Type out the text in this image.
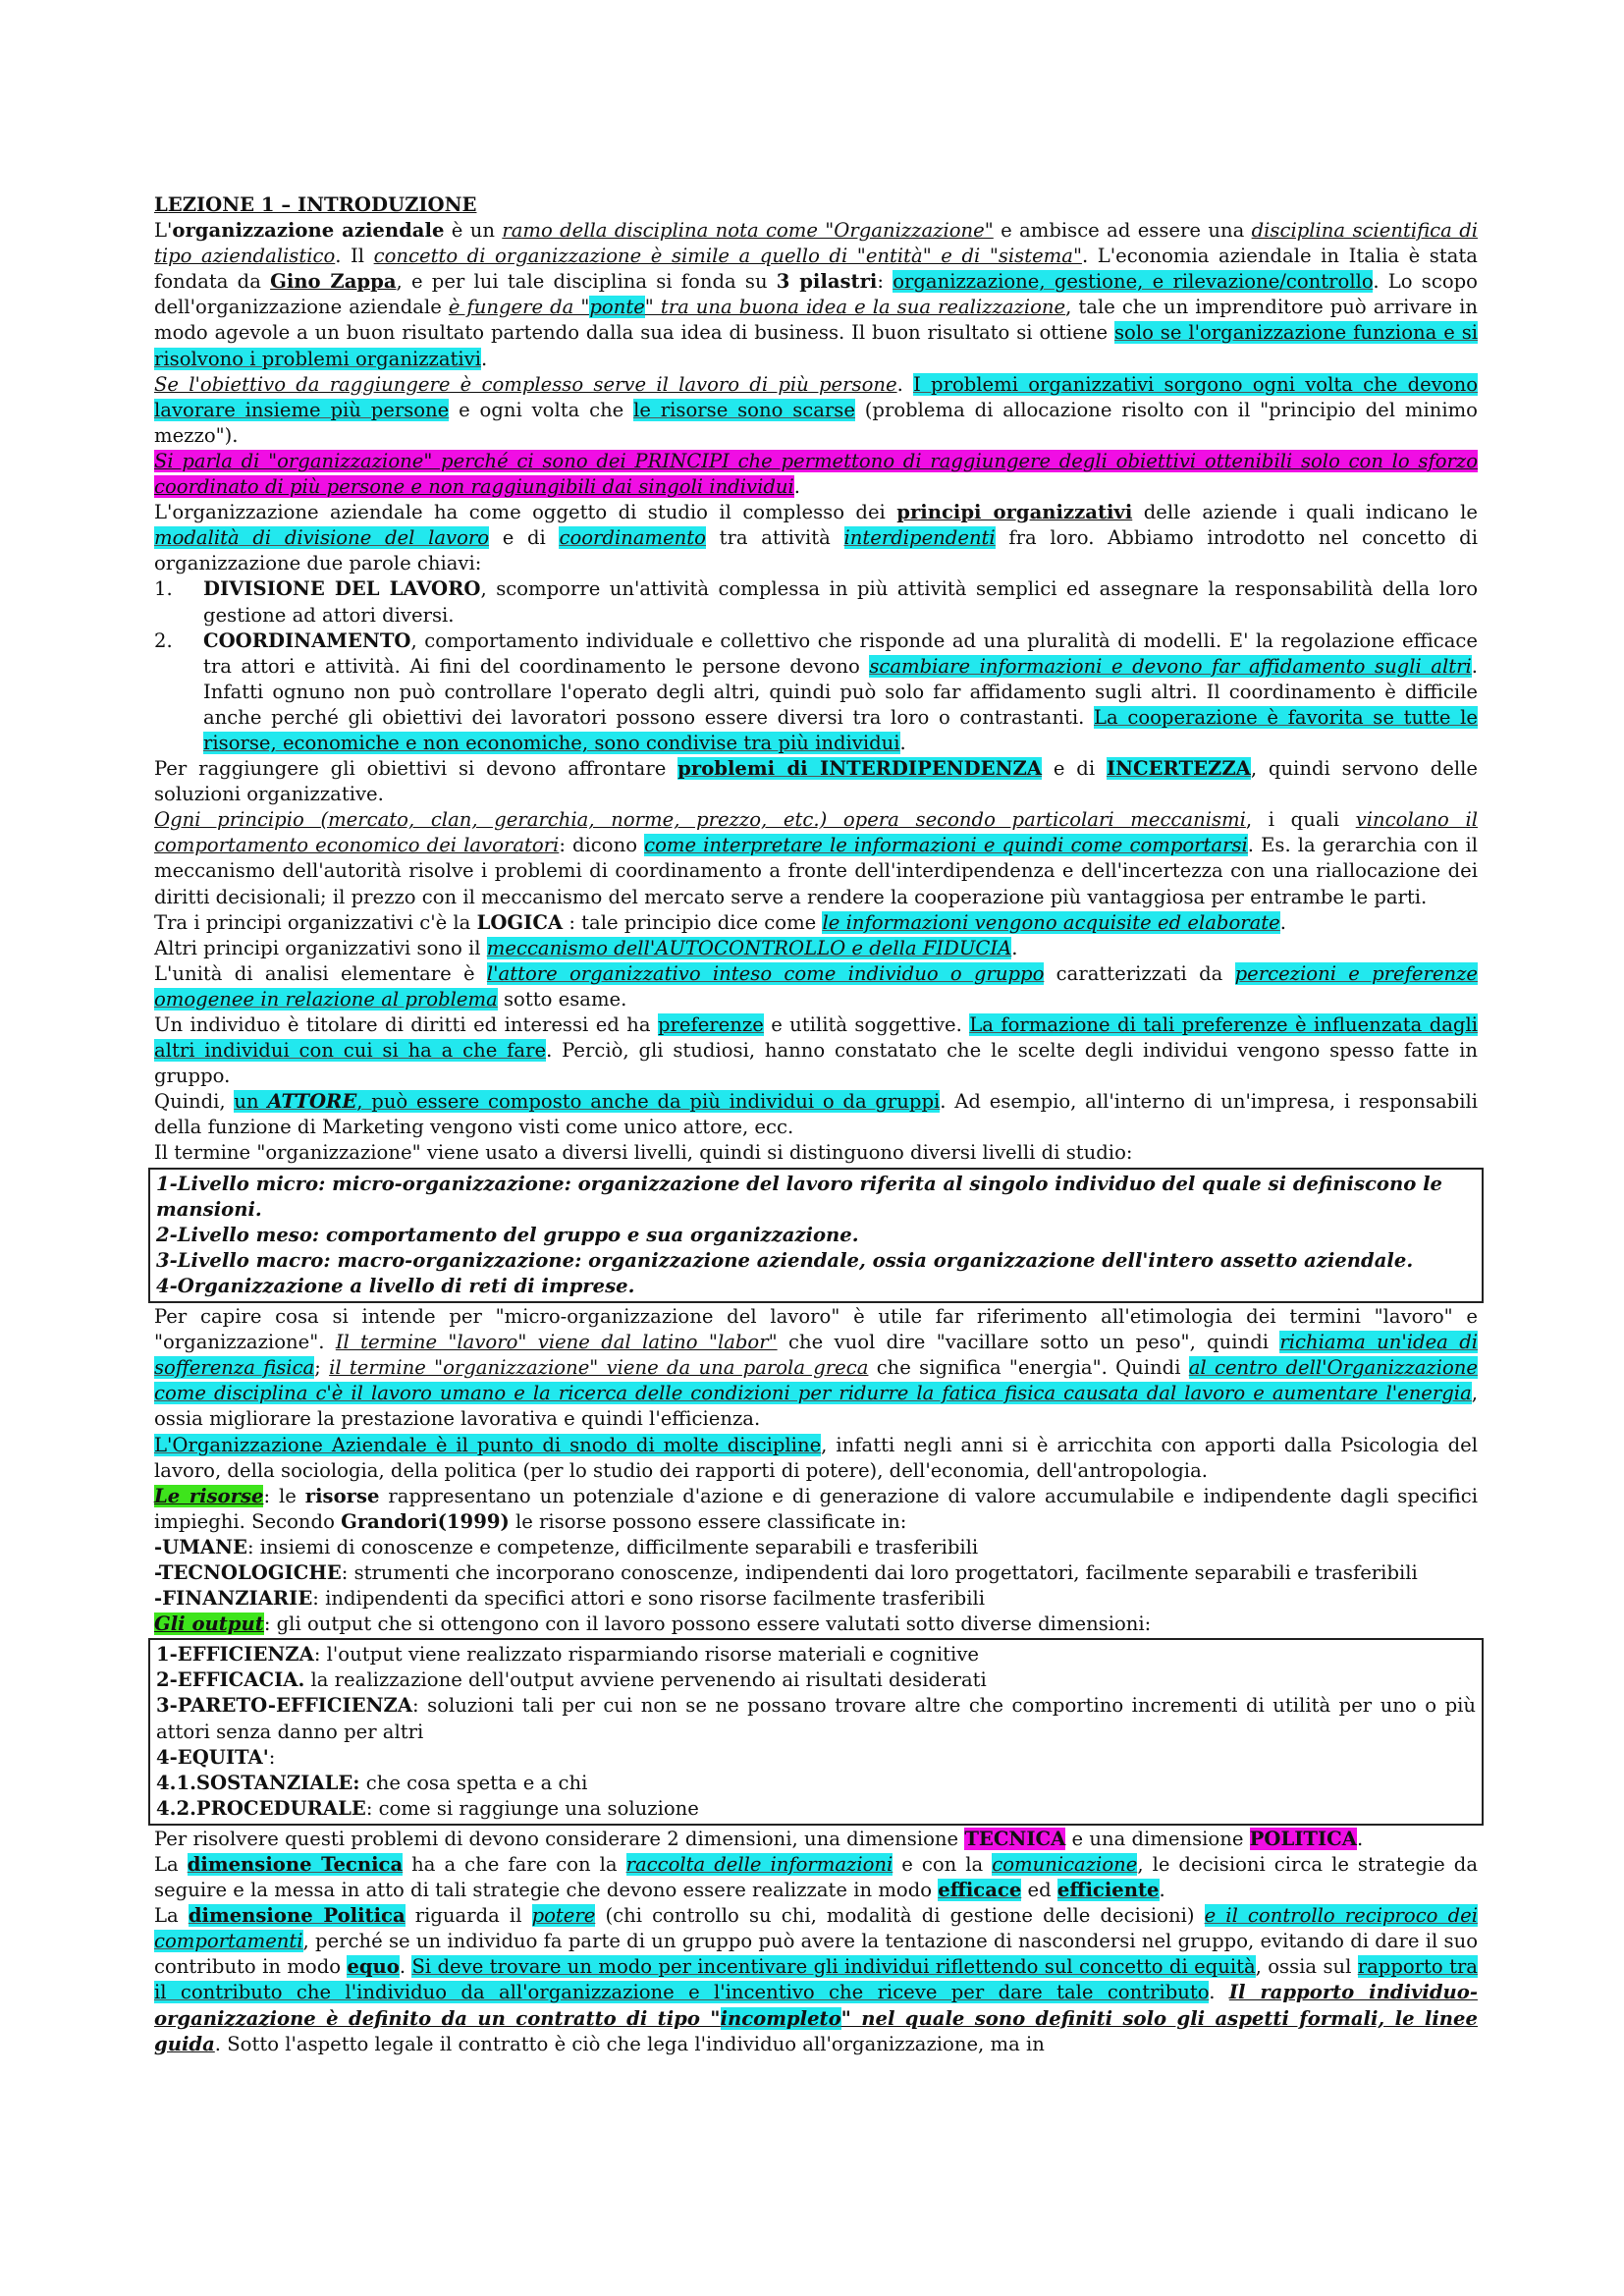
LEZIONE 1 – INTRODUZIONE

L'organizzazione aziendale è un ramo della disciplina nota come "Organizzazione" e ambisce ad essere una disciplina scientifica di tipo aziendalistico. Il concetto di organizzazione è simile a quello di "entità" e di "sistema". L'economia aziendale in Italia è stata fondata da Gino Zappa, e per lui tale disciplina si fonda su 3 pilastri: organizzazione, gestione, e rilevazione/controllo. Lo scopo dell'organizzazione aziendale è fungere da "ponte" tra una buona idea e la sua realizzazione, tale che un imprenditore può arrivare in modo agevole a un buon risultato partendo dalla sua idea di business. Il buon risultato si ottiene solo se l'organizzazione funziona e si risolvono i problemi organizzativi.

Se l'obiettivo da raggiungere è complesso serve il lavoro di più persone. I problemi organizzativi sorgono ogni volta che devono lavorare insieme più persone e ogni volta che le risorse sono scarse (problema di allocazione risolto con il "principio del minimo mezzo").

Si parla di "organizzazione" perché ci sono dei PRINCIPI che permettono di raggiungere degli obiettivi ottenibili solo con lo sforzo coordinato di più persone e non raggiungibili dai singoli individui.

L'organizzazione aziendale ha come oggetto di studio il complesso dei principi organizzativi delle aziende i quali indicano le modalità di divisione del lavoro e di coordinamento tra attività interdipendenti fra loro. Abbiamo introdotto nel concetto di organizzazione due parole chiavi:

1. DIVISIONE DEL LAVORO, scomporre un'attività complessa in più attività semplici ed assegnare la responsabilità della loro gestione ad attori diversi.

2. COORDINAMENTO, comportamento individuale e collettivo che risponde ad una pluralità di modelli. E' la regolazione efficace tra attori e attività. Ai fini del coordinamento le persone devono scambiare informazioni e devono far affidamento sugli altri. Infatti ognuno non può controllare l'operato degli altri, quindi può solo far affidamento sugli altri. Il coordinamento è difficile anche perché gli obiettivi dei lavoratori possono essere diversi tra loro o contrastanti. La cooperazione è favorita se tutte le risorse, economiche e non economiche, sono condivise tra più individui.

Per raggiungere gli obiettivi si devono affrontare problemi di INTERDIPENDENZA e di INCERTEZZA, quindi servono delle soluzioni organizzative.

Ogni principio (mercato, clan, gerarchia, norme, prezzo, etc.) opera secondo particolari meccanismi, i quali vincolano il comportamento economico dei lavoratori: dicono come interpretare le informazioni e quindi come comportarsi. Es. la gerarchia con il meccanismo dell'autorità risolve i problemi di coordinamento a fronte dell'interdipendenza e dell'incertezza con una riallocazione dei diritti decisionali; il prezzo con il meccanismo del mercato serve a rendere la cooperazione più vantaggiosa per entrambe le parti.

Tra i principi organizzativi c'è la LOGICA : tale principio dice come le informazioni vengono acquisite ed elaborate.

Altri principi organizzativi sono il meccanismo dell'AUTOCONTROLLO e della FIDUCIA.

L'unità di analisi elementare è l'attore organizzativo inteso come individuo o gruppo caratterizzati da percezioni e preferenze omogenee in relazione al problema sotto esame.

Un individuo è titolare di diritti ed interessi ed ha preferenze e utilità soggettive. La formazione di tali preferenze è influenzata dagli altri individui con cui si ha a che fare. Perciò, gli studiosi, hanno constatato che le scelte degli individui vengono spesso fatte in gruppo.

Quindi, un ATTORE, può essere composto anche da più individui o da gruppi. Ad esempio, all'interno di un'impresa, i responsabili della funzione di Marketing vengono visti come unico attore, ecc.

Il termine "organizzazione" viene usato a diversi livelli, quindi si distinguono diversi livelli di studio:

1-Livello micro: micro-organizzazione: organizzazione del lavoro riferita al singolo individuo del quale si definiscono le mansioni.

2-Livello meso: comportamento del gruppo e sua organizzazione.

3-Livello macro: macro-organizzazione: organizzazione aziendale, ossia organizzazione dell'intero assetto aziendale.

4-Organizzazione a livello di reti di imprese.

Per capire cosa si intende per "micro-organizzazione del lavoro" è utile far riferimento all'etimologia dei termini "lavoro" e "organizzazione". Il termine "lavoro" viene dal latino "labor" che vuol dire "vacillare sotto un peso", quindi richiama un'idea di sofferenza fisica; il termine "organizzazione" viene da una parola greca che significa "energia". Quindi al centro dell'Organizzazione come disciplina c'è il lavoro umano e la ricerca delle condizioni per ridurre la fatica fisica causata dal lavoro e aumentare l'energia, ossia migliorare la prestazione lavorativa e quindi l'efficienza.

L'Organizzazione Aziendale è il punto di snodo di molte discipline, infatti negli anni si è arricchita con apporti dalla Psicologia del lavoro, della sociologia, della politica (per lo studio dei rapporti di potere), dell'economia, dell'antropologia.

Le risorse: le risorse rappresentano un potenziale d'azione e di generazione di valore accumulabile e indipendente dagli specifici impieghi. Secondo Grandori(1999) le risorse possono essere classificate in:

-UMANE: insiemi di conoscenze e competenze, difficilmente separabili e trasferibili

-TECNOLOGICHE: strumenti che incorporano conoscenze, indipendenti dai loro progettatori, facilmente separabili e trasferibili

-FINANZIARIE: indipendenti da specifici attori e sono risorse facilmente trasferibili

Gli output: gli output che si ottengono con il lavoro possono essere valutati sotto diverse dimensioni:

1-EFFICIENZA: l'output viene realizzato risparmiando risorse materiali e cognitive

2-EFFICACIA. la realizzazione dell'output avviene pervenendo ai risultati desiderati

3-PARETO-EFFICIENZA: soluzioni tali per cui non se ne possano trovare altre che comportino incrementi di utilità per uno o più attori senza danno per altri

4-EQUITA':

4.1.SOSTANZIALE: che cosa spetta e a chi

4.2.PROCEDURALE: come si raggiunge una soluzione

Per risolvere questi problemi di devono considerare 2 dimensioni, una dimensione TECNICA e una dimensione POLITICA.

La dimensione Tecnica ha a che fare con la raccolta delle informazioni e con la comunicazione, le decisioni circa le strategie da seguire e la messa in atto di tali strategie che devono essere realizzate in modo efficace ed efficiente.

La dimensione Politica riguarda il potere (chi controllo su chi, modalità di gestione delle decisioni) e il controllo reciproco dei comportamenti, perché se un individuo fa parte di un gruppo può avere la tentazione di nascondersi nel gruppo, evitando di dare il suo contributo in modo equo. Si deve trovare un modo per incentivare gli individui riflettendo sul concetto di equità, ossia sul rapporto tra il contributo che l'individuo da all'organizzazione e l'incentivo che riceve per dare tale contributo. Il rapporto individuo-organizzazione è definito da un contratto di tipo "incompleto" nel quale sono definiti solo gli aspetti formali, le linee guida. Sotto l'aspetto legale il contratto è ciò che lega l'individuo all'organizzazione, ma in
